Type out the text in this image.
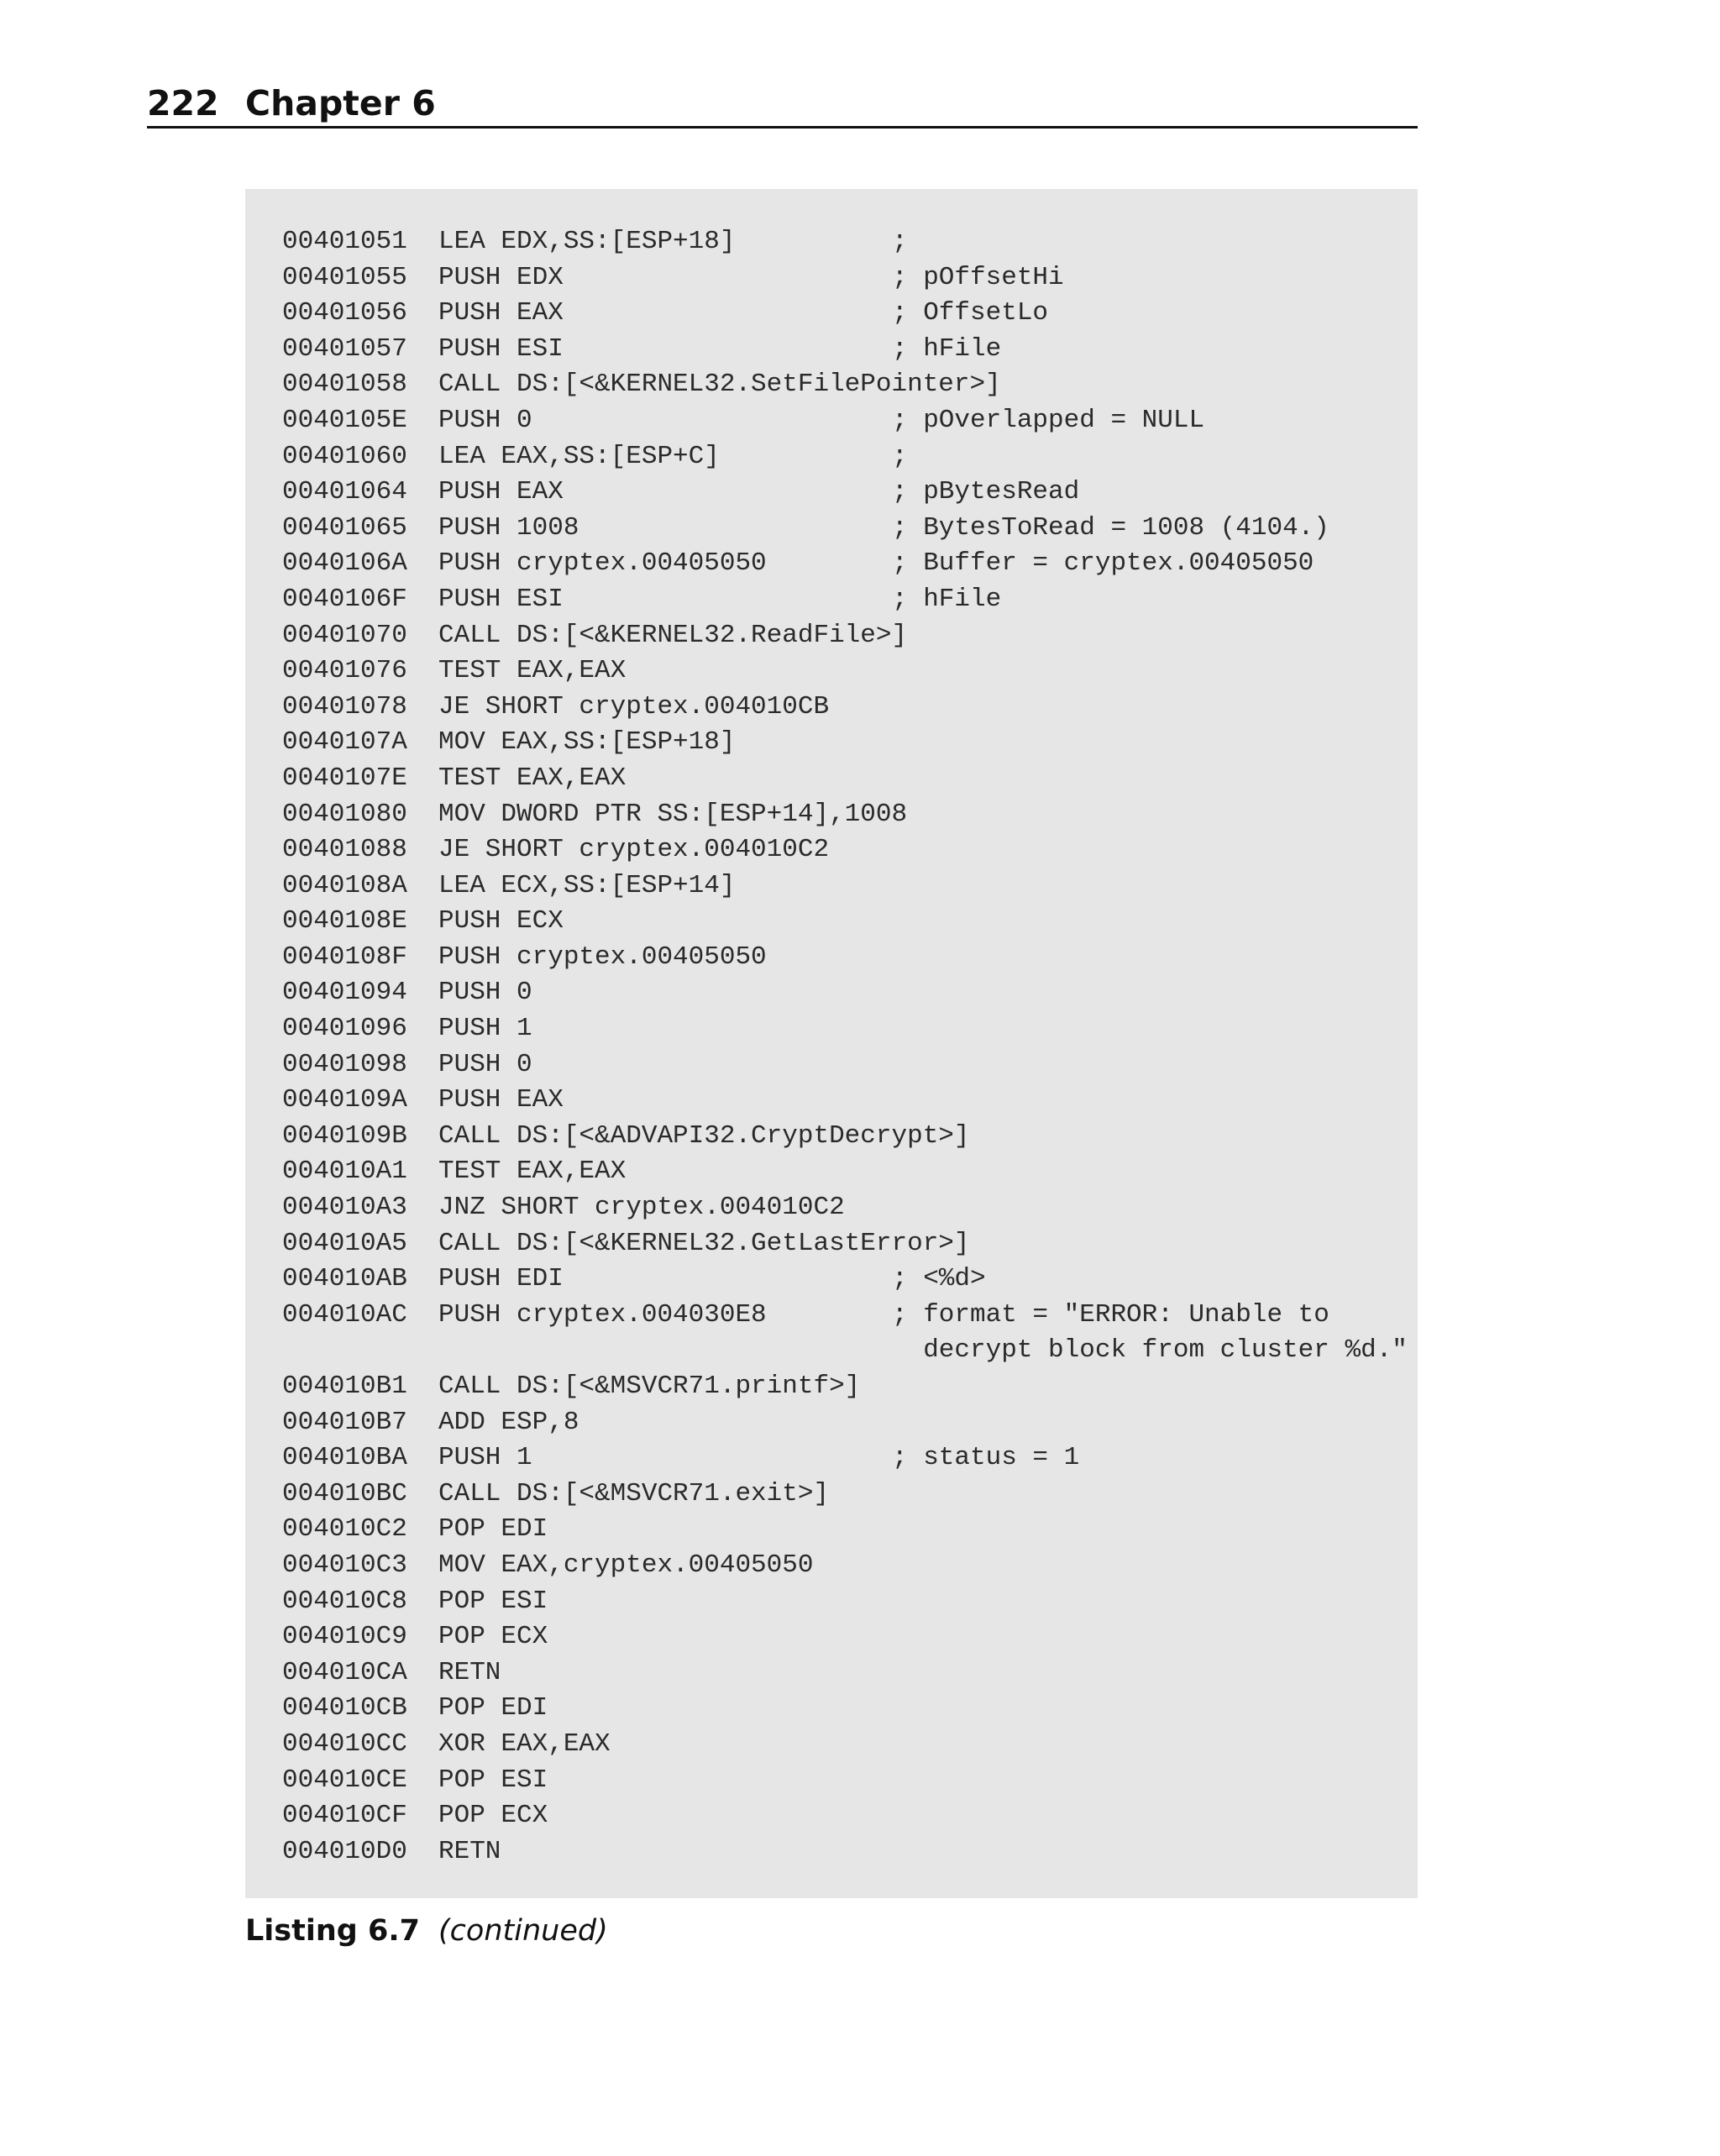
222 Chapter 6
00401051 LEA EDX,SS:[ESP+18]	;
00401055 PUSH EDX	; pOffsetHi
00401056 PUSH EAX	; OffsetLo
00401057 PUSH ESI	; hFile
00401058 CALL DS:[<&KERNEL32.SetFilePointer>]
0040105E PUSH 0	; pOverlapped = NULL
00401060 LEA EAX,SS:[ESP+C]	;
00401064 PUSH EAX	; pBytesRead
00401065 PUSH 1008	; BytesToRead = 1008 (4104.)
0040106A PUSH cryptex.00405050	; Buffer = cryptex.00405050
0040106F PUSH ESI	; hFile
00401070 CALL DS:[<&KERNEL32.ReadFile>]
00401076 TEST EAX,EAX
00401078 JE SHORT cryptex.004010CB
0040107A MOV EAX,SS:[ESP+18]
0040107E TEST EAX,EAX
00401080 MOV DWORD PTR SS:[ESP+14],1008
00401088 JE SHORT cryptex.004010C2
0040108A LEA ECX,SS:[ESP+14]
0040108E PUSH ECX
0040108F PUSH cryptex.00405050
00401094 PUSH 0
00401096 PUSH 1
00401098 PUSH 0
0040109A PUSH EAX
0040109B CALL DS:[<&ADVAPI32.CryptDecrypt>]
004010A1 TEST EAX,EAX
004010A3 JNZ SHORT cryptex.004010C2
004010A5 CALL DS:[<&KERNEL32.GetLastError>]
004010AB PUSH EDI	; <%d>
004010AC PUSH cryptex.004030E8	; format = "ERROR: Unable to
decrypt block from cluster %d."
004010B1 CALL DS:[<&MSVCR71.printf>]
004010B7 ADD ESP,8
004010BA PUSH 1	; status = 1
004010BC CALL DS:[<&MSVCR71.exit>]
004010C2 POP EDI
004010C3 MOV EAX,cryptex.00405050
004010C8 POP ESI
004010C9 POP ECX
004010CA RETN
004010CB POP EDI
004010CC XOR EAX,EAX
004010CE POP ESI
004010CF POP ECX
004010D0 RETN
Listing 6.7 (continued)
